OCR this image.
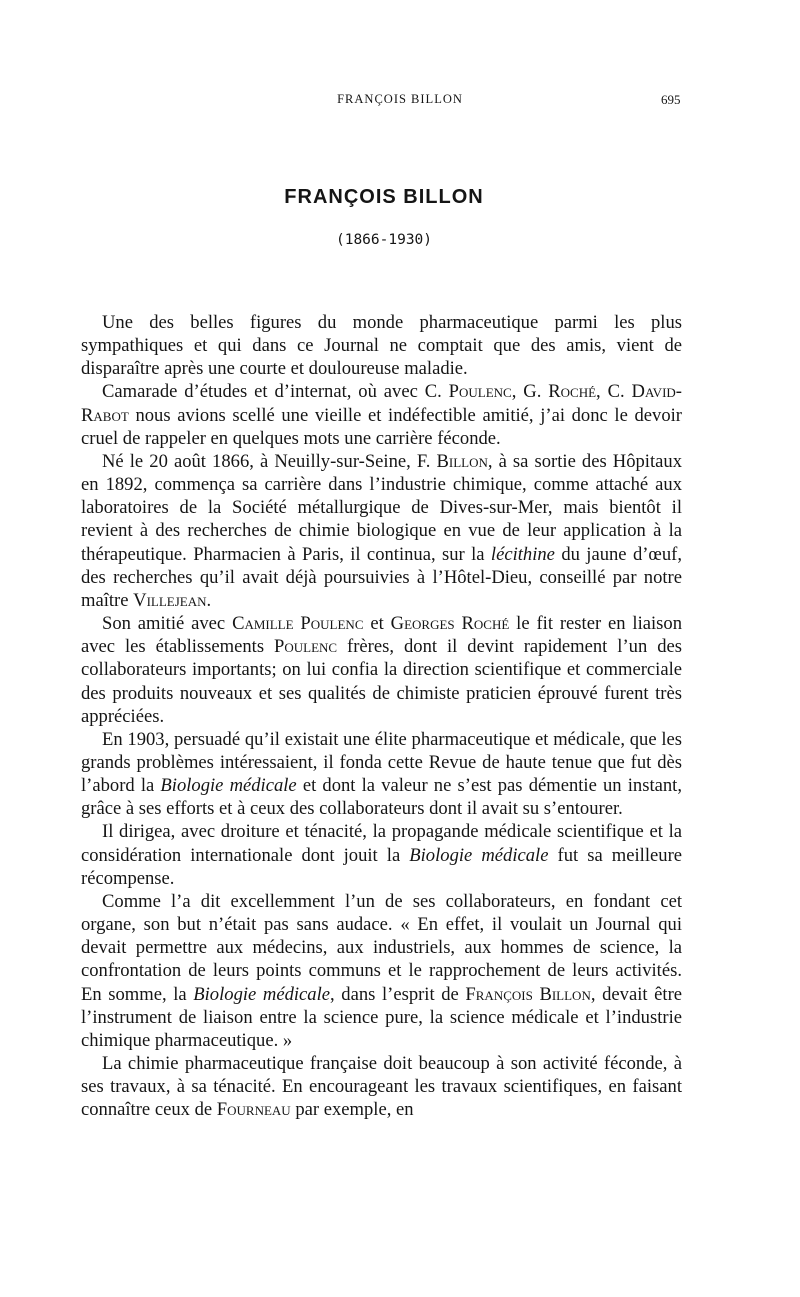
FRANÇOIS BILLON	695
FRANÇOIS BILLON
(1866-1930)

Une des belles figures du monde pharmaceutique parmi les plus sympathiques et qui dans ce Journal ne comptait que des amis, vient de disparaître après une courte et douloureuse maladie.

Camarade d’études et d’internat, où avec C. Poulenc, G. Roché, C. David-Rabot nous avions scellé une vieille et indéfectible amitié, j’ai donc le devoir cruel de rappeler en quelques mots une carrière féconde.

Né le 20 août 1866, à Neuilly-sur-Seine, F. Billon, à sa sortie des Hôpitaux en 1892, commença sa carrière dans l’industrie chimique, comme attaché aux laboratoires de la Société métallurgique de Dives-sur-Mer, mais bientôt il revient à des recherches de chimie biologique en vue de leur application à la thérapeutique. Pharmacien à Paris, il continua, sur la lécithine du jaune d’œuf, des recherches qu’il avait déjà poursuivies à l’Hôtel-Dieu, conseillé par notre maître Villejean.

Son amitié avec Camille Poulenc et Georges Roché le fit rester en liaison avec les établissements Poulenc frères, dont il devint rapidement l’un des collaborateurs importants; on lui confia la direction scientifique et commerciale des produits nouveaux et ses qualités de chimiste praticien éprouvé furent très appréciées.

En 1903, persuadé qu’il existait une élite pharmaceutique et médicale, que les grands problèmes intéressaient, il fonda cette Revue de haute tenue que fut dès l’abord la Biologie médicale et dont la valeur ne s’est pas démentie un instant, grâce à ses efforts et à ceux des collaborateurs dont il avait su s’entourer.

Il dirigea, avec droiture et ténacité, la propagande médicale scientifique et la considération internationale dont jouit la Biologie médicale fut sa meilleure récompense.

Comme l’a dit excellemment l’un de ses collaborateurs, en fondant cet organe, son but n’était pas sans audace. « En effet, il voulait un Journal qui devait permettre aux médecins, aux industriels, aux hommes de science, la confrontation de leurs points communs et le rapprochement de leurs activités. En somme, la Biologie médicale, dans l’esprit de François Billon, devait être l’instrument de liaison entre la science pure, la science médicale et l’industrie chimique pharmaceutique. »

La chimie pharmaceutique française doit beaucoup à son activité féconde, à ses travaux, à sa ténacité. En encourageant les travaux scientifiques, en faisant connaître ceux de Fourneau par exemple, en
